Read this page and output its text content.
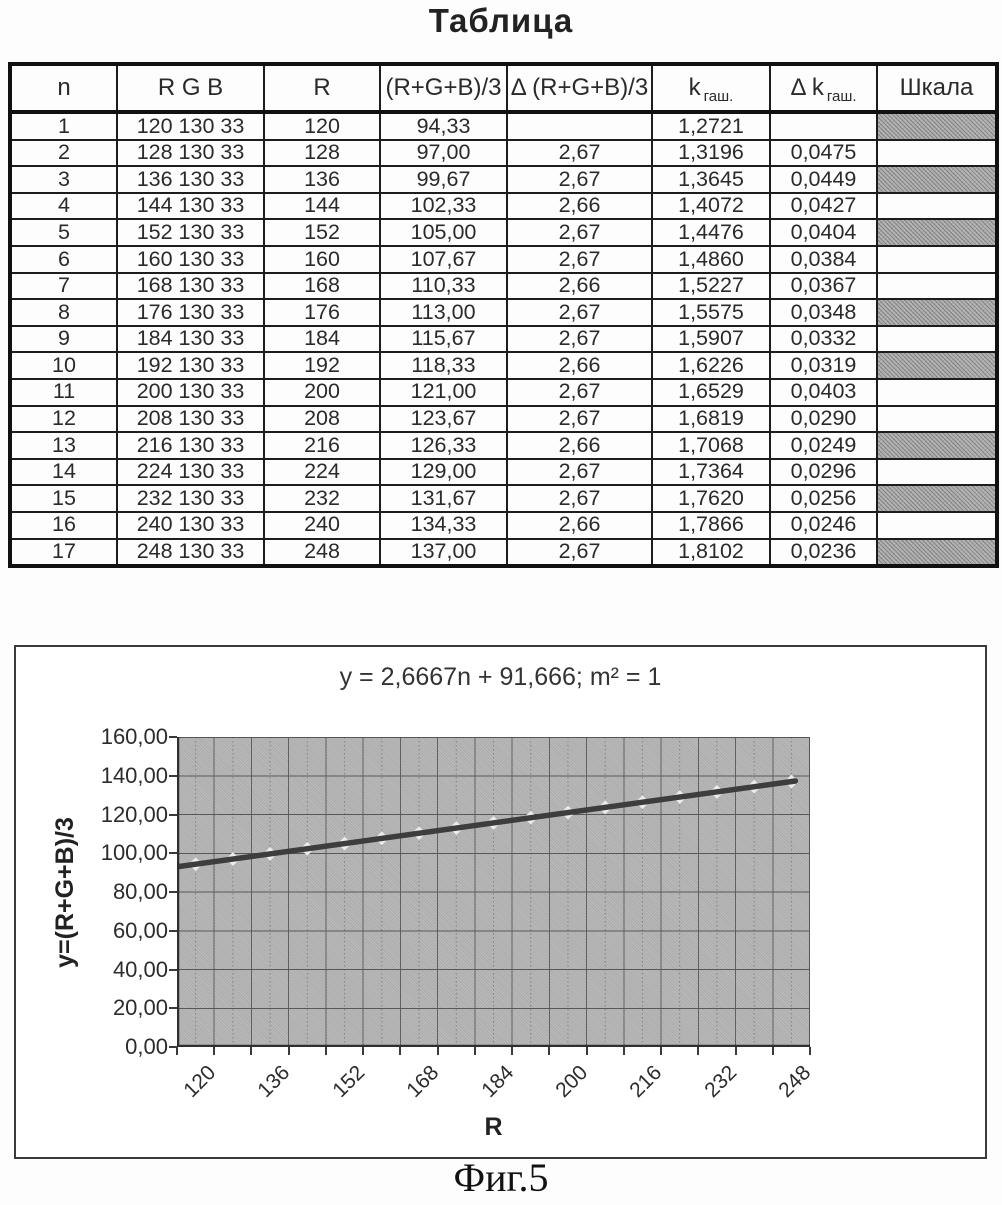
Таблица
n	R G B	R	(R+G+B)/3	Δ (R+G+B)/3	k $_{гаш.}$	Δ k $_{гаш.}$	Шкала
1	120 130 33	120	94,33		1,2721		
2	128 130 33	128	97,00	2,67	1,3196	0,0475	
3	136 130 33	136	99,67	2,67	1,3645	0,0449	
4	144 130 33	144	102,33	2,66	1,4072	0,0427	
5	152 130 33	152	105,00	2,67	1,4476	0,0404	
6	160 130 33	160	107,67	2,67	1,4860	0,0384	
7	168 130 33	168	110,33	2,66	1,5227	0,0367	
8	176 130 33	176	113,00	2,67	1,5575	0,0348	
9	184 130 33	184	115,67	2,67	1,5907	0,0332	
10	192 130 33	192	118,33	2,66	1,6226	0,0319	
11	200 130 33	200	121,00	2,67	1,6529	0,0403	
12	208 130 33	208	123,67	2,67	1,6819	0,0290	
13	216 130 33	216	126,33	2,66	1,7068	0,0249	
14	224 130 33	224	129,00	2,67	1,7364	0,0296	
15	232 130 33	232	131,67	2,67	1,7620	0,0256	
16	240 130 33	240	134,33	2,66	1,7866	0,0246	
17	248 130 33	248	137,00	2,67	1,8102	0,0236	
y = 2,6667n + 91,666; m² = 1
y=(R+G+B)/3
R
0,00
20,00
40,00
60,00
80,00
100,00
120,00
140,00
160,00
120 136 152 168 184 200 216 232 248
Фиг.5
